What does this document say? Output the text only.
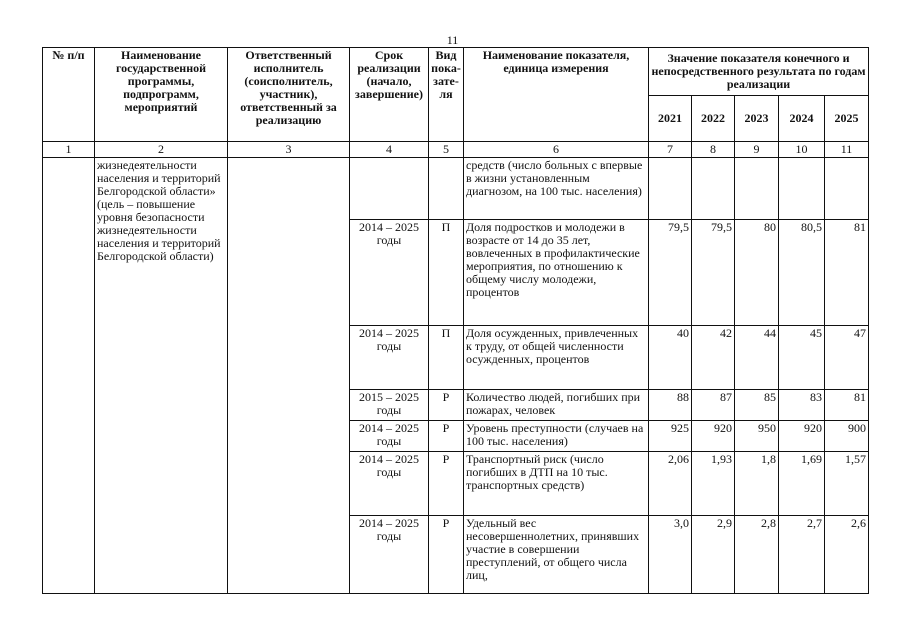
11
№ п/п	Наименование государственной программы, подпрограмм, мероприятий	Ответственный исполнитель (соисполнитель, участник), ответственный за реализацию	Срок реализации (начало, завершение)	Вид пока-зате-ля	Наименование показателя, единица измерения	Значение показателя конечного и непосредственного результата по годам реализации				
						2021	2022	2023	2024	2025
1	2	3	4	5	6	7	8	9	10	11
	жизнедеятельности населения и территорий Белгородской области» (цель – повышение уровня безопасности жизнедеятельности населения и территорий Белгородской области)				средств (число больных с впервые в жизни установленным диагнозом, на 100 тыс. населения)					
			2014 – 2025 годы	П	Доля подростков и молодежи в возрасте от 14 до 35 лет, вовлеченных в профилактические мероприятия, по отношению к общему числу молодежи, процентов	79,5	79,5	80	80,5	81
			2014 – 2025 годы	П	Доля осужденных, привлеченных к труду, от общей численности осужденных, процентов	40	42	44	45	47
			2015 – 2025 годы	Р	Количество людей, погибших при пожарах, человек	88	87	85	83	81
			2014 – 2025 годы	Р	Уровень преступности (случаев на 100 тыс. населения)	925	920	950	920	900
			2014 – 2025 годы	Р	Транспортный риск (число погибших в ДТП на 10 тыс. транспортных средств)	2,06	1,93	1,8	1,69	1,57
			2014 – 2025 годы	Р	Удельный вес несовершеннолетних, принявших участие в совершении преступлений, от общего числа лиц,	3,0	2,9	2,8	2,7	2,6
